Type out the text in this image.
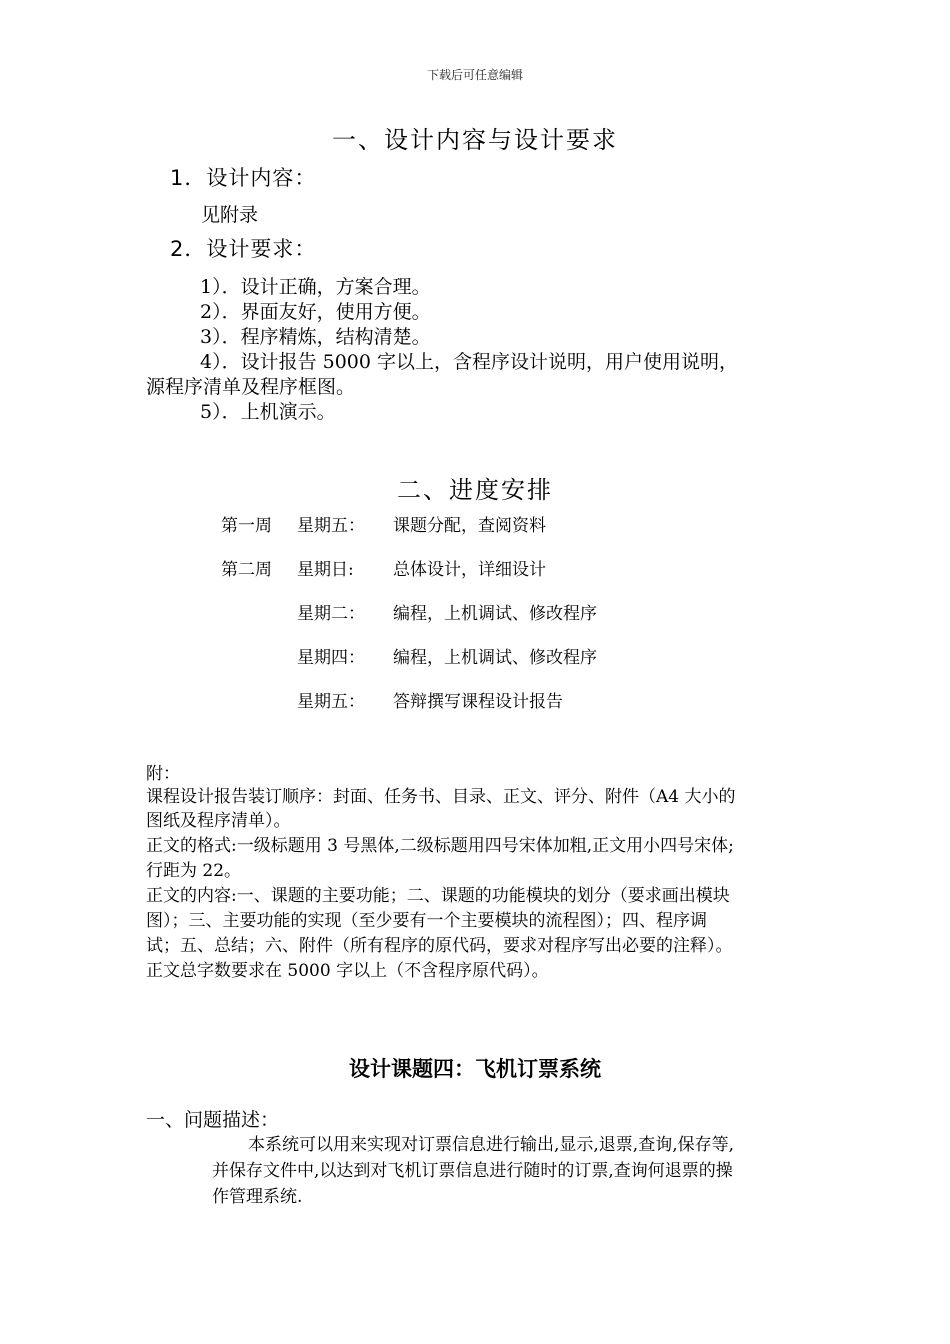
下载后可任意编辑
一、设计内容与设计要求
1．设计内容：
见附录
2．设计要求：
1）．设计正确，方案合理。
2）．界面友好，使用方便。
3）．程序精炼，结构清楚。
4）．设计报告 5000 字以上，含程序设计说明，用户使用说明，
源程序清单及程序框图。
5）．上机演示。
二、进度安排
第一周 星期五： 课题分配，查阅资料
第二周 星期日: 总体设计，详细设计
星期二： 编程，上机调试、修改程序
星期四： 编程，上机调试、修改程序
星期五： 答辩撰写课程设计报告
附：
课程设计报告装订顺序：封面、任务书、目录、正文、评分、附件（A4 大小的
图纸及程序清单）。
正文的格式:一级标题用 3 号黑体,二级标题用四号宋体加粗,正文用小四号宋体;
行距为 22。
正文的内容:一、课题的主要功能；二、课题的功能模块的划分（要求画出模块
图）；三、主要功能的实现（至少要有一个主要模块的流程图）；四、程序调
试；五、总结；六、附件（所有程序的原代码，要求对程序写出必要的注释）。
正文总字数要求在 5000 字以上（不含程序原代码）。
设计课题四：飞机订票系统
一、问题描述：
本系统可以用来实现对订票信息进行输出,显示,退票,查询,保存等,
并保存文件中,以达到对飞机订票信息进行随时的订票,查询何退票的操
作管理系统.
